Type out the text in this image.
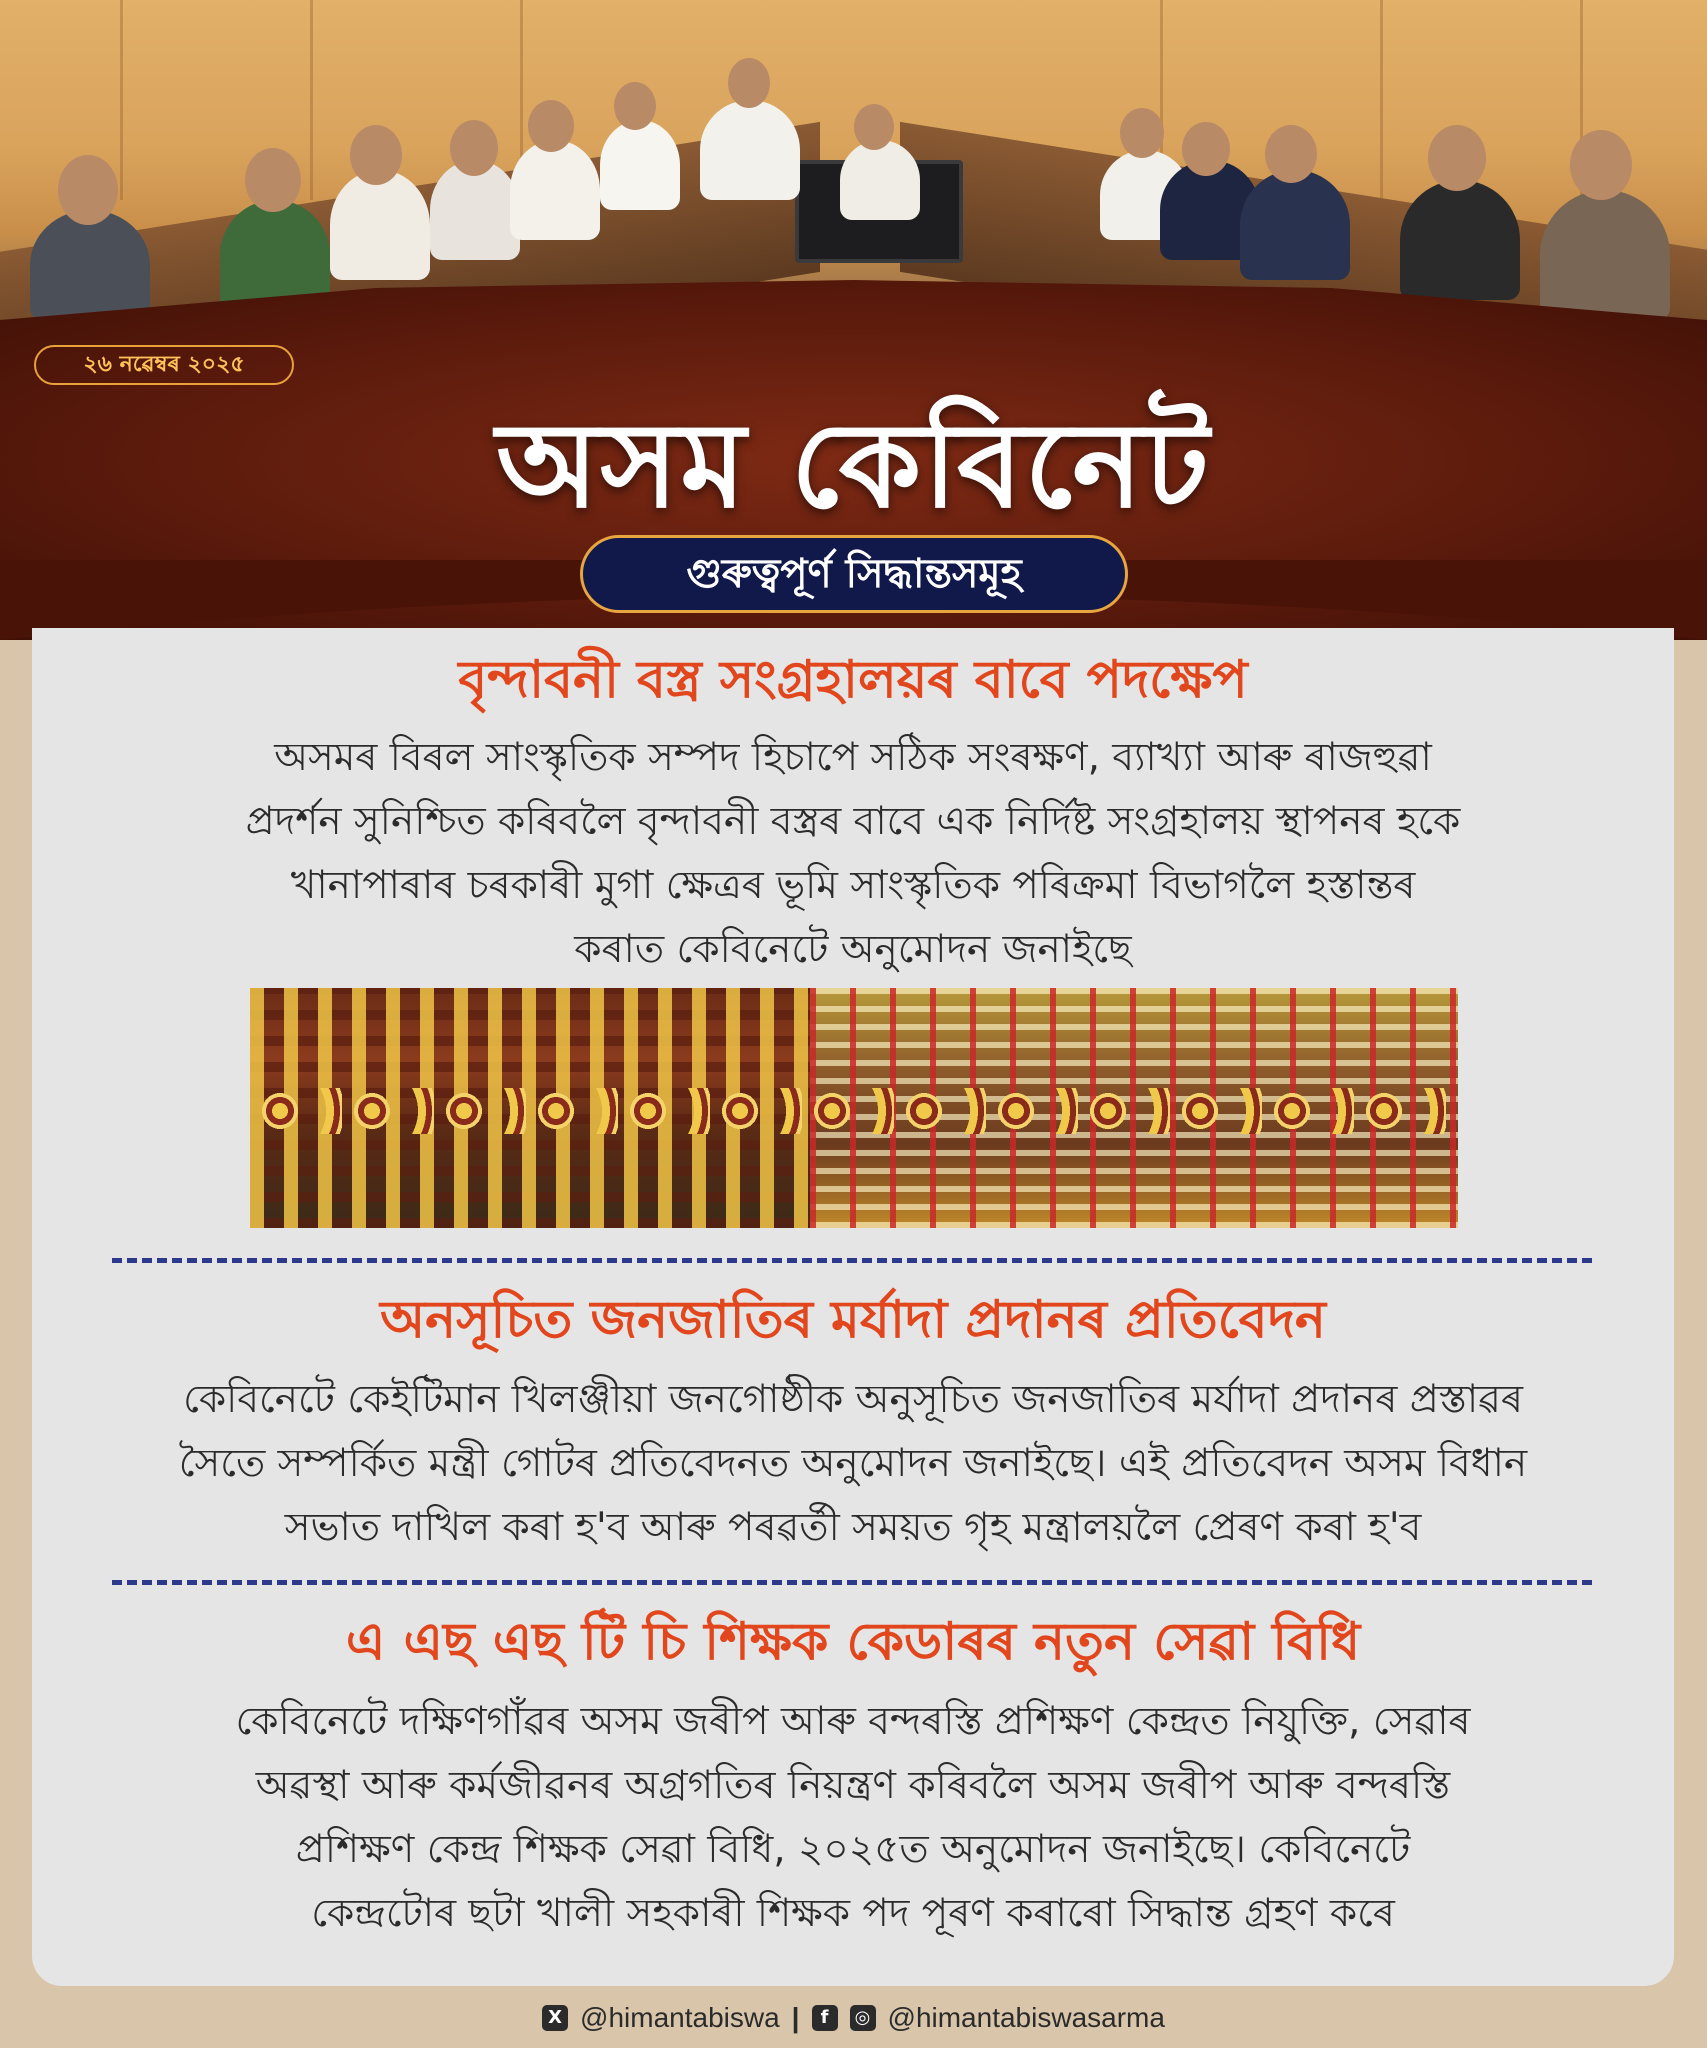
২৬ নৱেম্বৰ ২০২৫
অসম কেবিনেট
গুৰুত্বপূৰ্ণ সিদ্ধান্তসমূহ
বৃন্দাবনী বস্ত্ৰ সংগ্ৰহালয়ৰ বাবে পদক্ষেপ
অসমৰ বিৰল সাংস্কৃতিক সম্পদ হিচাপে সঠিক সংৰক্ষণ, ব্যাখ্যা আৰু ৰাজহুৱা
প্ৰদৰ্শন সুনিশ্চিত কৰিবলৈ বৃন্দাবনী বস্ত্ৰৰ বাবে এক নিৰ্দিষ্ট সংগ্ৰহালয় স্থাপনৰ হকে
খানাপাৰাৰ চৰকাৰী মুগা ক্ষেত্ৰৰ ভূমি সাংস্কৃতিক পৰিক্ৰমা বিভাগলৈ হস্তান্তৰ
কৰাত কেবিনেটে অনুমোদন জনাইছে
অনসূচিত জনজাতিৰ মৰ্যাদা প্ৰদানৰ প্ৰতিবেদন
কেবিনেটে কেইটিমান খিলঞ্জীয়া জনগোষ্ঠীক অনুসূচিত জনজাতিৰ মৰ্যাদা প্ৰদানৰ প্ৰস্তাৱৰ
সৈতে সম্পৰ্কিত মন্ত্ৰী গোটৰ প্ৰতিবেদনত অনুমোদন জনাইছে। এই প্ৰতিবেদন অসম বিধান
সভাত দাখিল কৰা হ'ব আৰু পৰৱৰ্তী সময়ত গৃহ মন্ত্ৰালয়লৈ প্ৰেৰণ কৰা হ'ব
এ এছ এছ টি চি শিক্ষক কেডাৰৰ নতুন সেৱা বিধি
কেবিনেটে দক্ষিণগাঁৱৰ অসম জৰীপ আৰু বন্দৰস্তি প্ৰশিক্ষণ কেন্দ্ৰত নিযুক্তি, সেৱাৰ
অৱস্থা আৰু কৰ্মজীৱনৰ অগ্ৰগতিৰ নিয়ন্ত্ৰণ কৰিবলৈ অসম জৰীপ আৰু বন্দৰস্তি
প্ৰশিক্ষণ কেন্দ্ৰ শিক্ষক সেৱা বিধি, ২০২৫ত অনুমোদন জনাইছে। কেবিনেটে
কেন্দ্ৰটোৰ ছটা খালী সহকাৰী শিক্ষক পদ পূৰণ কৰাৰো সিদ্ধান্ত গ্ৰহণ কৰে
X @himantabiswa |	f	◎ @himantabiswasarma
